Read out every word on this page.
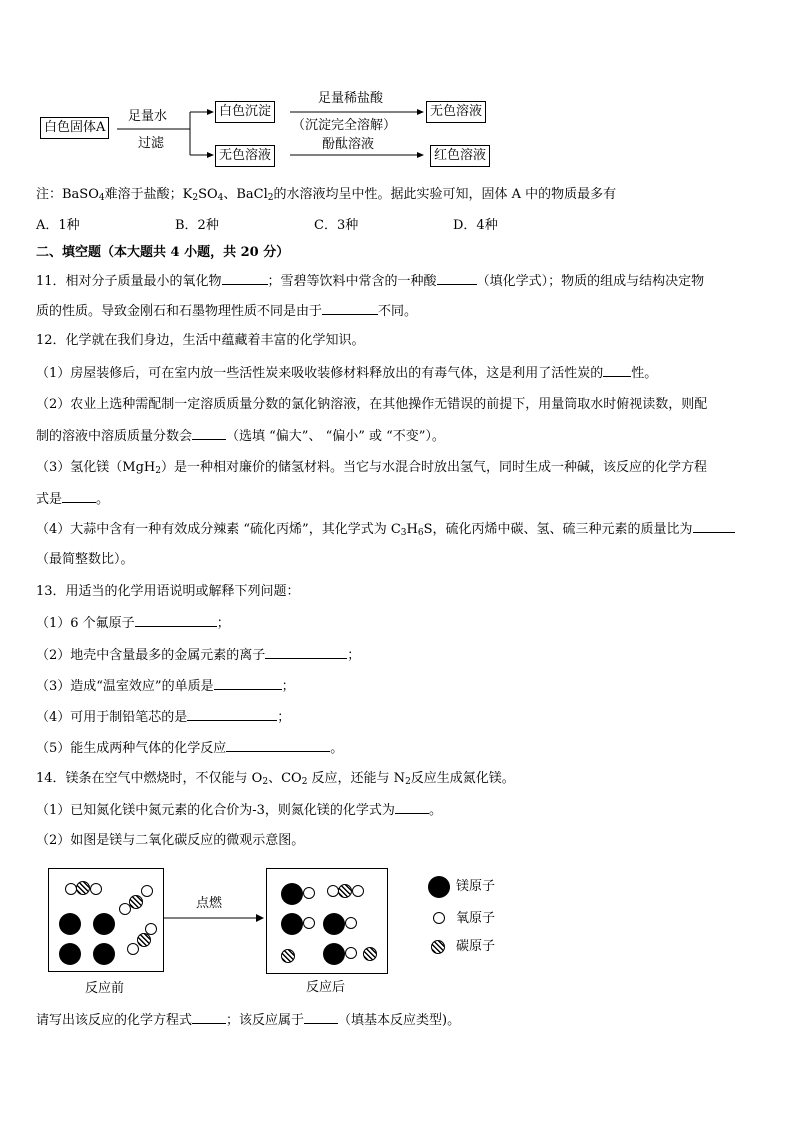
白色固体A
足量水
过滤
白色沉淀
足量稀盐酸
（沉淀完全溶解）
无色溶液
无色溶液
酚酞溶液
红色溶液
注：BaSO$_4$难溶于盐酸；$K_2SO_4$、BaCl$_2$的水溶液均呈中性。据此实验可知，固体 A 中的物质最多有
A．1种	B．2种	C．3种	D．4种
二、填空题（本大题共 4 小题，共 20 分）
11．相对分子质量最小的氧化物	；雪碧等饮料中常含的一种酸	（填化学式）；物质的组成与结构决定物
质的性质。导致金刚石和石墨物理性质不同是由于	不同。
12．化学就在我们身边，生活中蕴藏着丰富的化学知识。
（1）房屋装修后，可在室内放一些活性炭来吸收装修材料释放出的有毒气体，这是利用了活性炭的 性。
（2）农业上选种需配制一定溶质质量分数的氯化钠溶液，在其他操作无错误的前提下，用量筒取水时俯视读数，则配
制的溶液中溶质质量分数会	（选填 “偏大”、 “偏小” 或 “不变”）。
（3）氢化镁（MgH$_2$）是一种相对廉价的储氢材料。当它与水混合时放出氢气，同时生成一种碱，该反应的化学方程
式是	。
（4）大蒜中含有一种有效成分辣素 “硫化丙烯”，其化学式为 $C_3H_6S$，硫化丙烯中碳、氢、硫三种元素的质量比为
（最简整数比）。
13．用适当的化学用语说明或解释下列问题：
（1）6 个氟原子	；
（2）地壳中含量最多的金属元素的离子	；
（3）造成“温室效应”的单质是	；
（4）可用于制铅笔芯的是	；
（5）能生成两种气体的化学反应	。
14．镁条在空气中燃烧时，不仅能与 $O_2$、$CO_2$ 反应，还能与 $N_2$反应生成氮化镁。
（1）已知氮化镁中氮元素的化合价为-3，则氮化镁的化学式为	。
（2）如图是镁与二氧化碳反应的微观示意图。
反应前
点燃
反应后
镁原子
氧原子
碳原子
请写出该反应的化学方程式	；该反应属于	（填基本反应类型)。
